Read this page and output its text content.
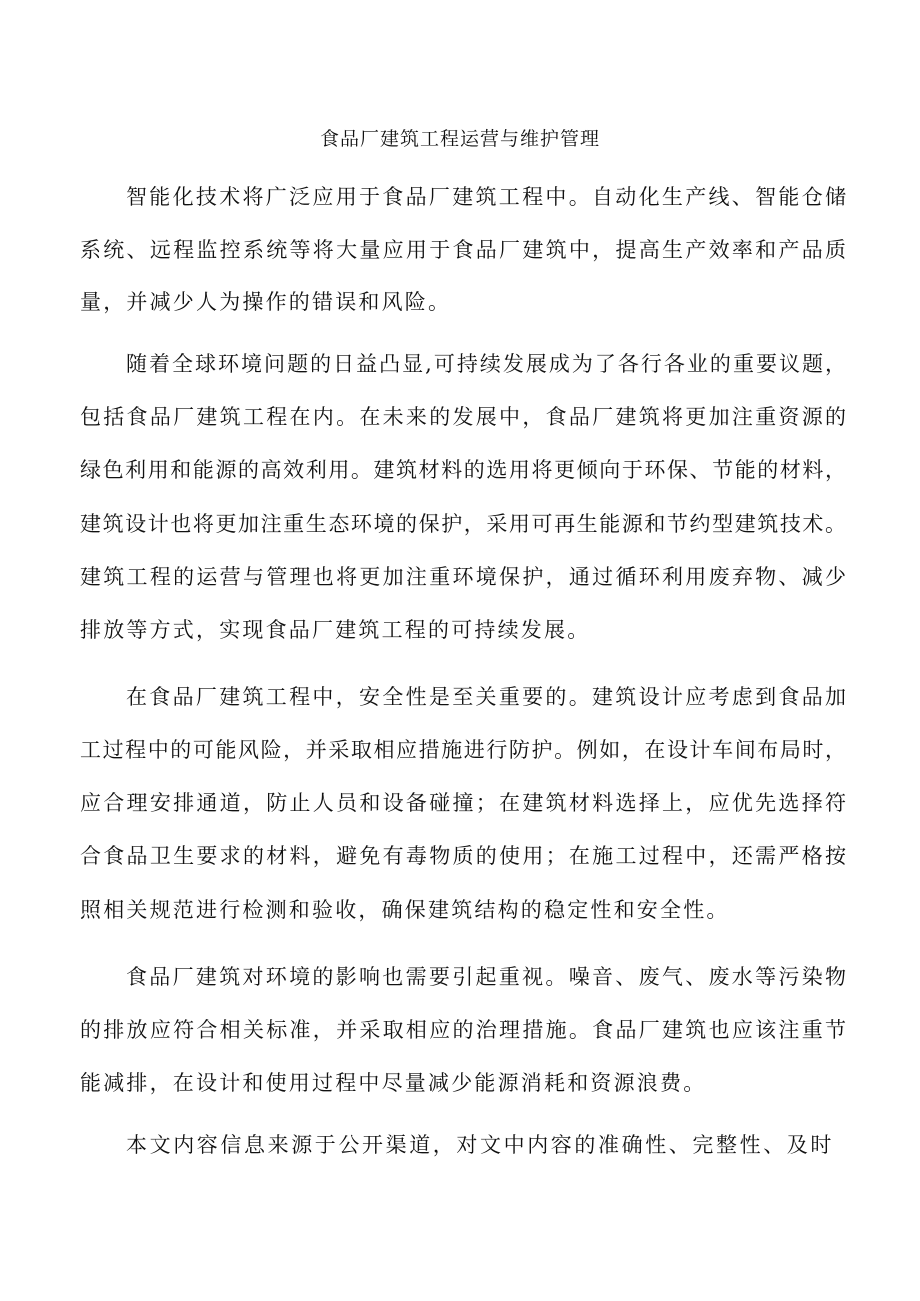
食品厂建筑工程运营与维护管理
智能化技术将广泛应用于食品厂建筑工程中。自动化生产线、智能仓储
系统、远程监控系统等将大量应用于食品厂建筑中，提高生产效率和产品质
量，并减少人为操作的错误和风险。
随着全球环境问题的日益凸显,可持续发展成为了各行各业的重要议题，
包括食品厂建筑工程在内。在未来的发展中，食品厂建筑将更加注重资源的
绿色利用和能源的高效利用。建筑材料的选用将更倾向于环保、节能的材料，
建筑设计也将更加注重生态环境的保护，采用可再生能源和节约型建筑技术。
建筑工程的运营与管理也将更加注重环境保护，通过循环利用废弃物、减少
排放等方式，实现食品厂建筑工程的可持续发展。
在食品厂建筑工程中，安全性是至关重要的。建筑设计应考虑到食品加
工过程中的可能风险，并采取相应措施进行防护。例如，在设计车间布局时，
应合理安排通道，防止人员和设备碰撞；在建筑材料选择上，应优先选择符
合食品卫生要求的材料，避免有毒物质的使用；在施工过程中，还需严格按
照相关规范进行检测和验收，确保建筑结构的稳定性和安全性。
食品厂建筑对环境的影响也需要引起重视。噪音、废气、废水等污染物
的排放应符合相关标准，并采取相应的治理措施。食品厂建筑也应该注重节
能减排，在设计和使用过程中尽量减少能源消耗和资源浪费。
本文内容信息来源于公开渠道，对文中内容的准确性、完整性、及时
